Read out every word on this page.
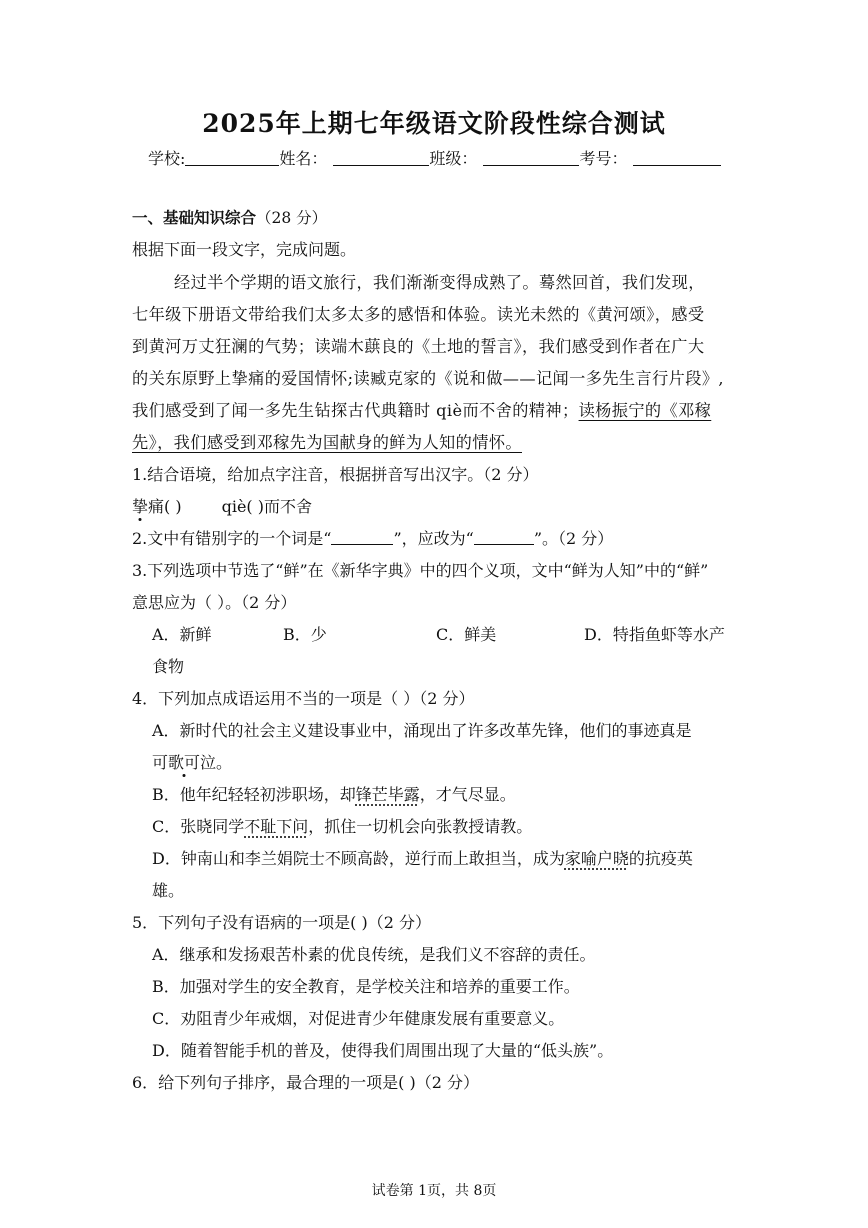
2025年上期七年级语文阶段性综合测试
学校:	姓名：	班级：	考号：
一、基础知识综合（28 分）
根据下面一段文字，完成问题。
经过半个学期的语文旅行，我们渐渐变得成熟了。蓦然回首，我们发现，
七年级下册语文带给我们太多太多的感悟和体验。读光未然的《黄河颂》，感受
到黄河万丈狂澜的气势；读端木蕻良的《土地的誓言》，我们感受到作者在广大
的关东原野上挚痛的爱国情怀;读臧克家的《说和做——记闻一多先生言行片段》,
我们感受到了闻一多先生钻探古代典籍时 qiè而不舍的精神；读杨振宁的《邓稼
先》，我们感受到邓稼先为国献身的鲜为人知的情怀。
1.结合语境，给加点字注音，根据拼音写出汉字。（2 分）
挚痛( )	qiè( )而不舍
2.文中有错别字的一个词是“	”，应改为“	”。（2 分）
3.下列选项中节选了“鲜”在《新华字典》中的四个义项，文中“鲜为人知”中的“鲜”
意思应为（ ）。（2 分）
A．新鲜	B．少	C．鲜美	D．特指鱼虾等水产
食物
4．下列加点成语运用不当的一项是（ ）（2 分）
A．新时代的社会主义建设事业中，涌现出了许多改革先锋，他们的事迹真是
可歌可泣。
B．他年纪轻轻初涉职场，却锋芒毕露，才气尽显。
C．张晓同学不耻下问，抓住一切机会向张教授请教。
D．钟南山和李兰娟院士不顾高龄，逆行而上敢担当，成为家喻户晓的抗疫英
雄。
5．下列句子没有语病的一项是( )（2 分）
A．继承和发扬艰苦朴素的优良传统，是我们义不容辞的责任。
B．加强对学生的安全教育，是学校关注和培养的重要工作。
C．劝阻青少年戒烟，对促进青少年健康发展有重要意义。
D．随着智能手机的普及，使得我们周围出现了大量的“低头族”。
6．给下列句子排序，最合理的一项是( )（2 分）
试卷第 1页，共 8页
